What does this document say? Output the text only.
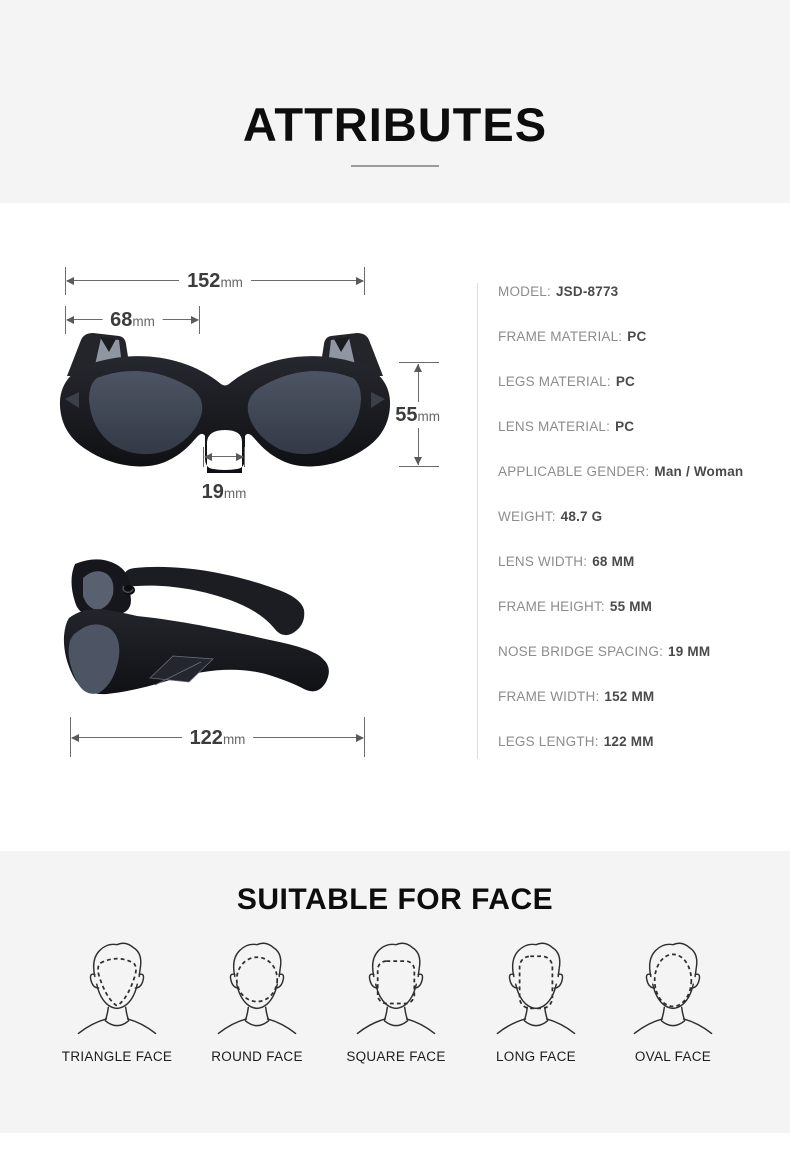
ATTRIBUTES
152mm
68mm
55mm
19mm
122mm
MODEL: JSD-8773
FRAME MATERIAL: PC
LEGS MATERIAL: PC
LENS MATERIAL: PC
APPLICABLE GENDER: Man / Woman
WEIGHT: 48.7 G
LENS WIDTH: 68 MM
FRAME HEIGHT: 55 MM
NOSE BRIDGE SPACING: 19 MM
FRAME WIDTH: 152 MM
LEGS LENGTH: 122 MM
SUITABLE FOR FACE
TRIANGLE FACE	ROUND FACE	SQUARE FACE	LONG FACE	OVAL FACE
